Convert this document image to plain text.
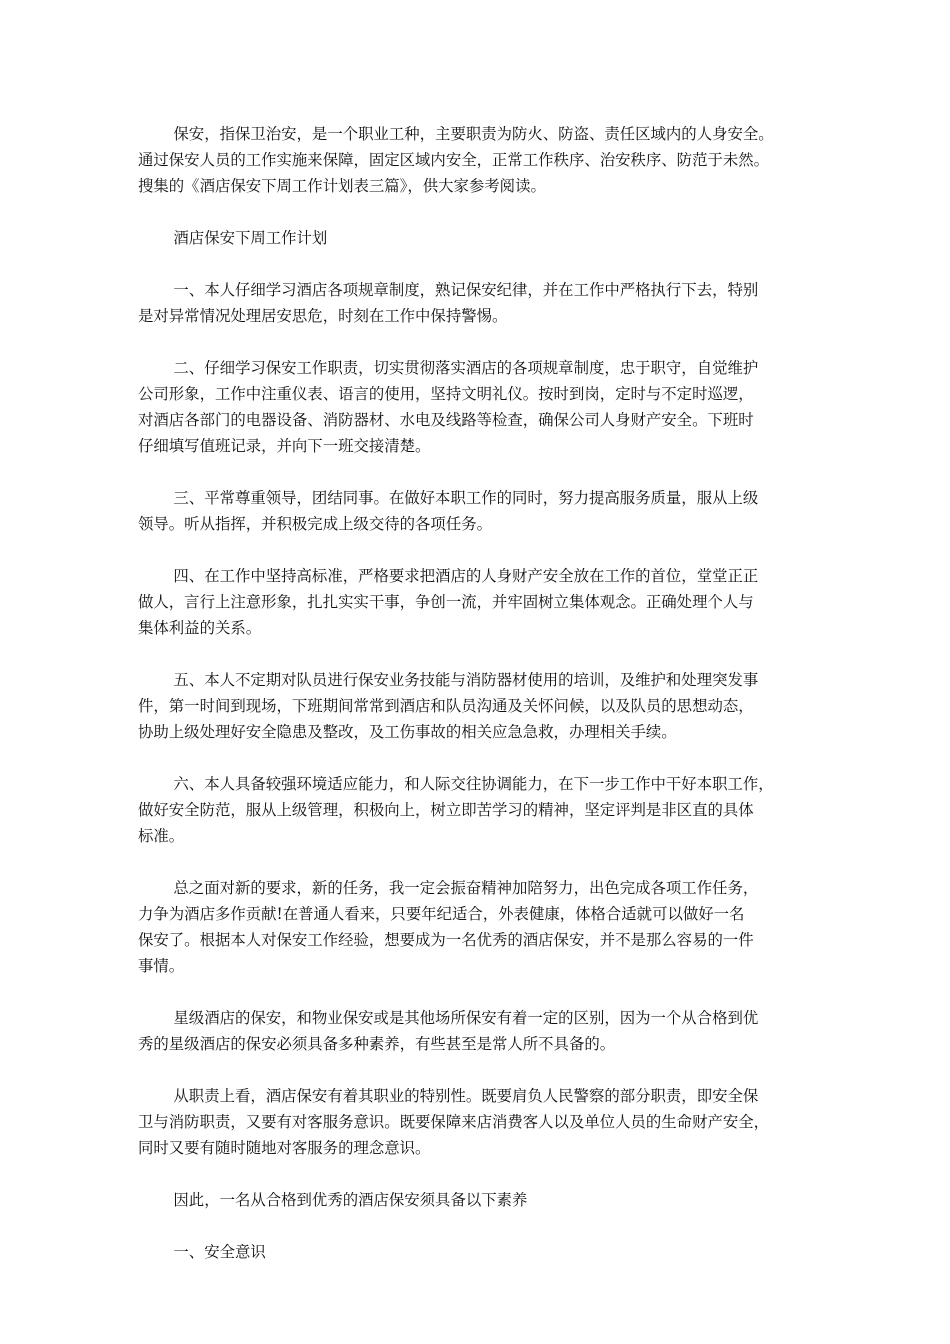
保安，指保卫治安，是一个职业工种，主要职责为防火、防盗、责任区域内的人身安全。
通过保安人员的工作实施来保障，固定区域内安全，正常工作秩序、治安秩序、防范于未然。
搜集的《酒店保安下周工作计划表三篇》，供大家参考阅读。

酒店保安下周工作计划

一、本人仔细学习酒店各项规章制度，熟记保安纪律，并在工作中严格执行下去，特别
是对异常情况处理居安思危，时刻在工作中保持警惕。

二、仔细学习保安工作职责，切实贯彻落实酒店的各项规章制度，忠于职守，自觉维护
公司形象，工作中注重仪表、语言的使用，坚持文明礼仪。按时到岗，定时与不定时巡逻，
对酒店各部门的电器设备、消防器材、水电及线路等检查，确保公司人身财产安全。下班时
仔细填写值班记录，并向下一班交接清楚。

三、平常尊重领导，团结同事。在做好本职工作的同时，努力提高服务质量，服从上级
领导。听从指挥，并积极完成上级交待的各项任务。

四、在工作中坚持高标准，严格要求把酒店的人身财产安全放在工作的首位，堂堂正正
做人，言行上注意形象，扎扎实实干事，争创一流，并牢固树立集体观念。正确处理个人与
集体利益的关系。

五、本人不定期对队员进行保安业务技能与消防器材使用的培训，及维护和处理突发事
件，第一时间到现场，下班期间常常到酒店和队员沟通及关怀问候，以及队员的思想动态，
协助上级处理好安全隐患及整改，及工伤事故的相关应急急救，办理相关手续。

六、本人具备较强环境适应能力，和人际交往协调能力，在下一步工作中干好本职工作，
做好安全防范，服从上级管理，积极向上，树立即苦学习的精神，坚定评判是非区直的具体
标准。

总之面对新的要求，新的任务，我一定会振奋精神加陪努力，出色完成各项工作任务，
力争为酒店多作贡献!在普通人看来，只要年纪适合，外表健康，体格合适就可以做好一名
保安了。根据本人对保安工作经验，想要成为一名优秀的酒店保安，并不是那么容易的一件
事情。

星级酒店的保安，和物业保安或是其他场所保安有着一定的区别，因为一个从合格到优
秀的星级酒店的保安必须具备多种素养，有些甚至是常人所不具备的。

从职责上看，酒店保安有着其职业的特别性。既要肩负人民警察的部分职责，即安全保
卫与消防职责，又要有对客服务意识。既要保障来店消费客人以及单位人员的生命财产安全，
同时又要有随时随地对客服务的理念意识。

因此，一名从合格到优秀的酒店保安须具备以下素养

一、安全意识
